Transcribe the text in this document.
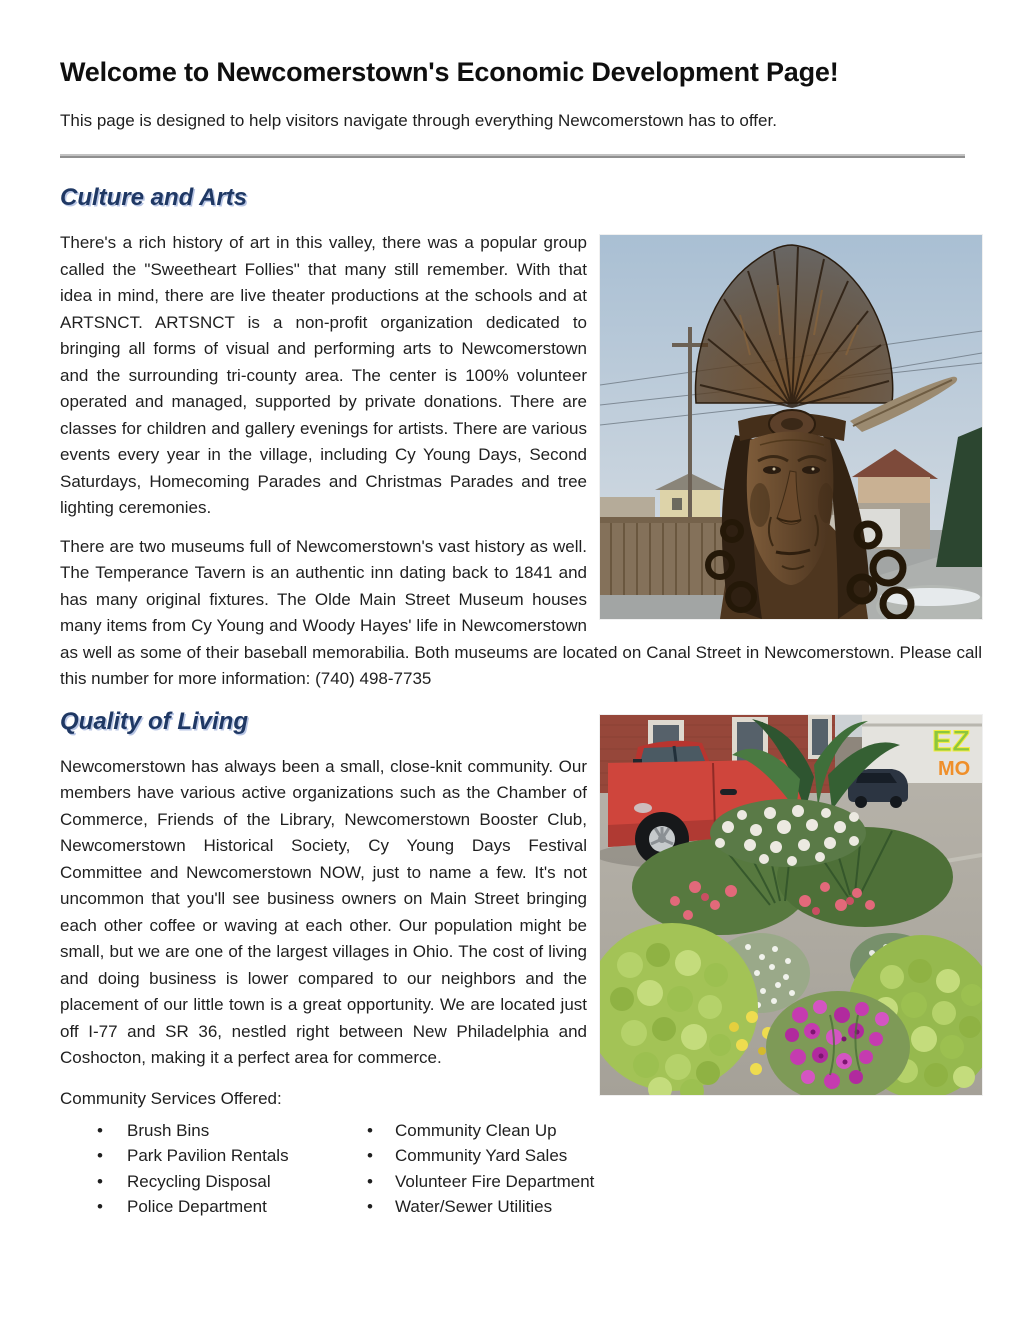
Welcome to Newcomerstown's Economic Development Page!

This page is designed to help visitors navigate through everything Newcomerstown has to offer.

Culture and Arts

There's a rich history of art in this valley, there was a popular group called the "Sweetheart Follies" that many still remember. With that idea in mind, there are live theater productions at the schools and at ARTSNCT. ARTSNCT is a non-profit organization dedicated to bringing all forms of visual and performing arts to Newcomerstown and the surrounding tri-county area. The center is 100% volunteer operated and managed, supported by private donations. There are classes for children and gallery evenings for artists. There are various events every year in the village, including Cy Young Days, Second Saturdays, Homecoming Parades and Christmas Parades and tree lighting ceremonies.

There are two museums full of Newcomerstown's vast history as well. The Temperance Tavern is an authentic inn dating back to 1841 and has many original fixtures. The Olde Main Street Museum houses many items from Cy Young and Woody Hayes' life in Newcomerstown as well as some of their baseball memorabilia. Both museums are located on Canal Street in Newcomerstown. Please call this number for more information: (740) 498-7735

EZ
MO
Quality of Living

Newcomerstown has always been a small, close-knit community. Our members have various active organizations such as the Chamber of Commerce, Friends of the Library, Newcomerstown Booster Club, Newcomerstown Historical Society, Cy Young Days Festival Committee and Newcomerstown NOW, just to name a few. It's not uncommon that you'll see business owners on Main Street bringing each other coffee or waving at each other. Our population might be small, but we are one of the largest villages in Ohio. The cost of living and doing business is lower compared to our neighbors and the placement of our little town is a great opportunity. We are located just off I-77 and SR 36, nestled right between New Philadelphia and Coshocton, making it a perfect area for commerce.

Community Services Offered:

• Brush Bins
• Park Pavilion Rentals
• Recycling Disposal
• Police Department
• Community Clean Up
• Community Yard Sales
• Volunteer Fire Department
• Water/Sewer Utilities
